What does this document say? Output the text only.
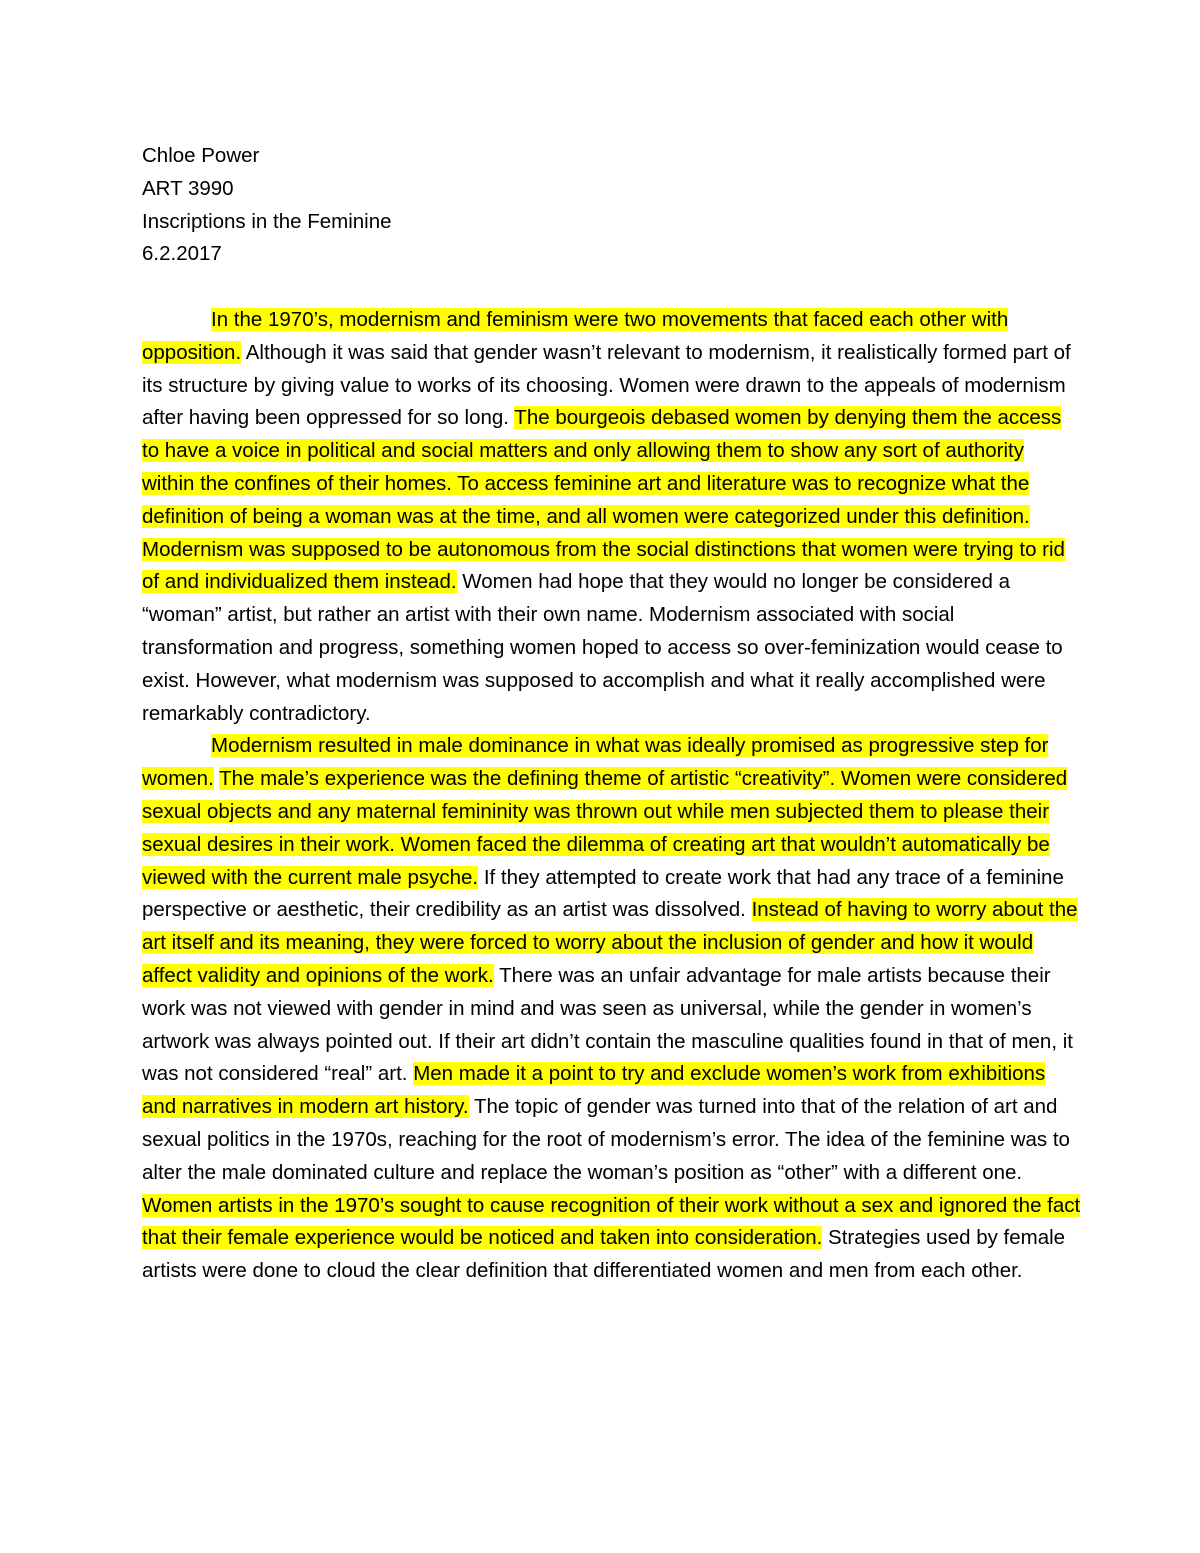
Chloe Power
ART 3990
Inscriptions in the Feminine
6.2.2017

In the 1970’s, modernism and feminism were two movements that faced each other with opposition. Although it was said that gender wasn’t relevant to modernism, it realistically formed part of its structure by giving value to works of its choosing. Women were drawn to the appeals of modernism after having been oppressed for so long. The bourgeois debased women by denying them the access to have a voice in political and social matters and only allowing them to show any sort of authority within the confines of their homes. To access feminine art and literature was to recognize what the definition of being a woman was at the time, and all women were categorized under this definition. Modernism was supposed to be autonomous from the social distinctions that women were trying to rid of and individualized them instead. Women had hope that they would no longer be considered a “woman” artist, but rather an artist with their own name. Modernism associated with social transformation and progress, something women hoped to access so over-feminization would cease to exist. However, what modernism was supposed to accomplish and what it really accomplished were remarkably contradictory.

Modernism resulted in male dominance in what was ideally promised as progressive step for women. The male’s experience was the defining theme of artistic “creativity”. Women were considered sexual objects and any maternal femininity was thrown out while men subjected them to please their sexual desires in their work. Women faced the dilemma of creating art that wouldn’t automatically be viewed with the current male psyche. If they attempted to create work that had any trace of a feminine perspective or aesthetic, their credibility as an artist was dissolved. Instead of having to worry about the art itself and its meaning, they were forced to worry about the inclusion of gender and how it would affect validity and opinions of the work. There was an unfair advantage for male artists because their work was not viewed with gender in mind and was seen as universal, while the gender in women’s artwork was always pointed out. If their art didn’t contain the masculine qualities found in that of men, it was not considered “real” art. Men made it a point to try and exclude women’s work from exhibitions and narratives in modern art history. The topic of gender was turned into that of the relation of art and sexual politics in the 1970s, reaching for the root of modernism’s error. The idea of the feminine was to alter the male dominated culture and replace the woman’s position as “other” with a different one. Women artists in the 1970’s sought to cause recognition of their work without a sex and ignored the fact that their female experience would be noticed and taken into consideration. Strategies used by female artists were done to cloud the clear definition that differentiated women and men from each other.
